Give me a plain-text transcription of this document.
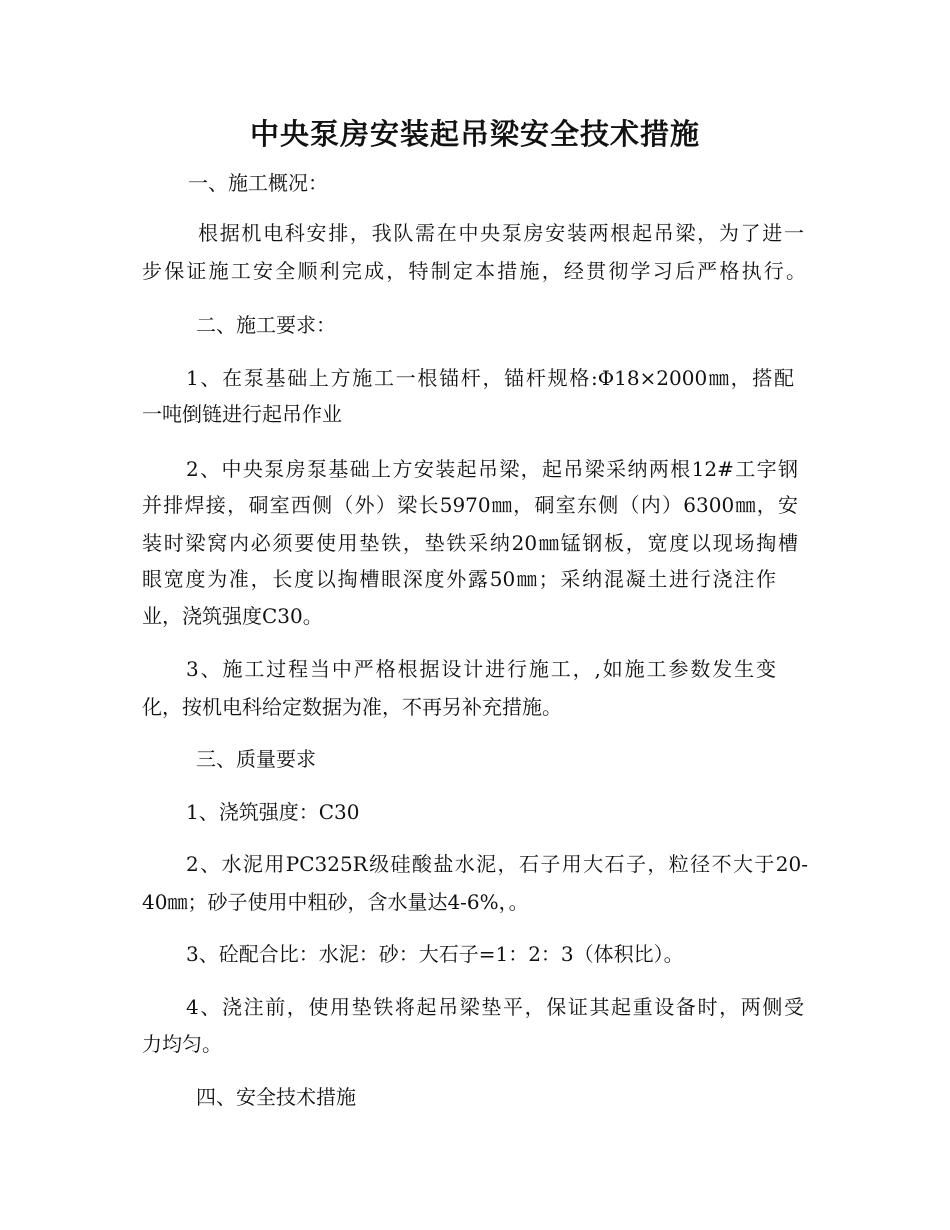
中央泵房安装起吊梁安全技术措施
一、施工概况：
根据机电科安排，我队需在中央泵房安装两根起吊梁，为了进一
步保证施工安全顺利完成，特制定本措施，经贯彻学习后严格执行。
二、施工要求：
1、在泵基础上方施工一根锚杆，锚杆规格:Φ18×2000㎜，搭配
一吨倒链进行起吊作业
2、中央泵房泵基础上方安装起吊梁，起吊梁采纳两根12#工字钢
并排焊接，硐室西侧（外）梁长5970㎜，硐室东侧（内）6300㎜，安
装时梁窝内必须要使用垫铁，垫铁采纳20㎜锰钢板，宽度以现场掏槽
眼宽度为准，长度以掏槽眼深度外露50㎜；采纳混凝土进行浇注作
业，浇筑强度C30。
3、施工过程当中严格根据设计进行施工，,如施工参数发生变
化，按机电科给定数据为准，不再另补充措施。
三、质量要求
1、浇筑强度：C30
2、水泥用PC325R级硅酸盐水泥，石子用大石子，粒径不大于20-
40㎜；砂子使用中粗砂，含水量达4-6%，。
3、砼配合比：水泥：砂：大石子=1：2：3（体积比）。
4、浇注前，使用垫铁将起吊梁垫平，保证其起重设备时，两侧受
力均匀。
四、安全技术措施
